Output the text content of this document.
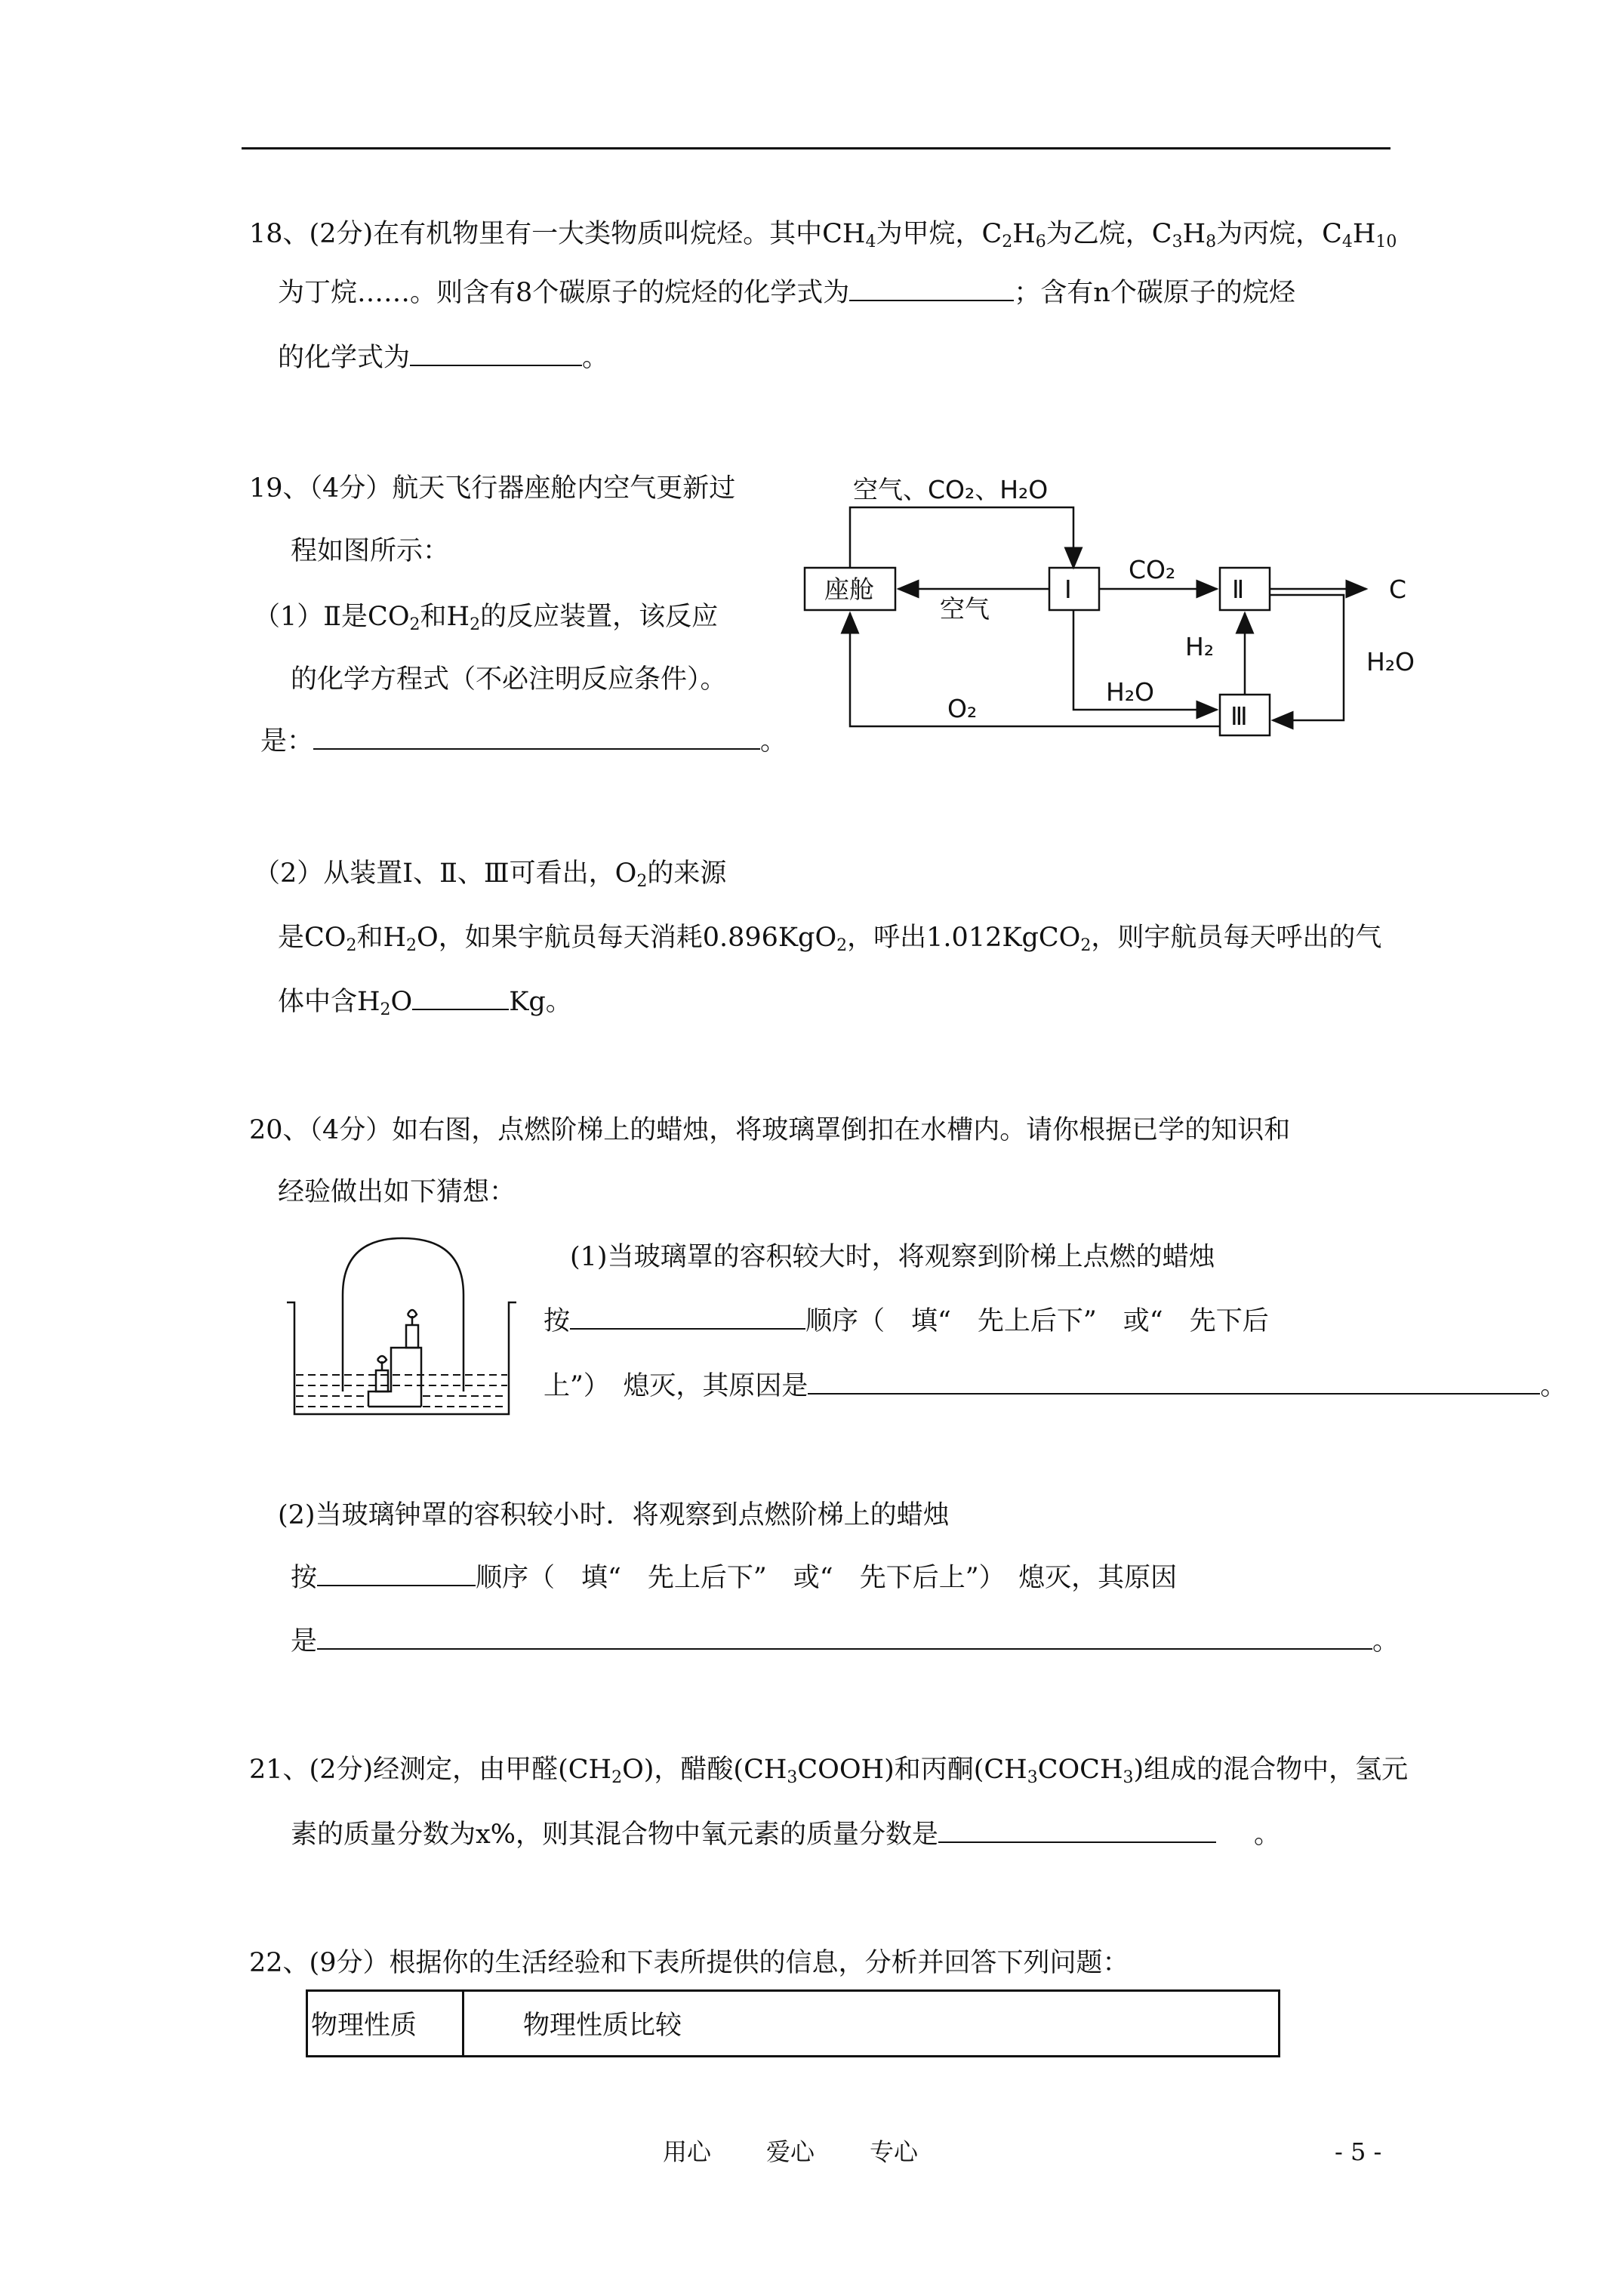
18、(2分)在有机物里有一大类物质叫烷烃。其中$CH_4$为甲烷，$C_2H_6$为乙烷，$C_3H_8$为丙烷，$C_4H_{10}$
为丁烷……。则含有8个碳原子的烷烃的化学式为	；含有n个碳原子的烷烃
的化学式为	。
19、（4分）航天飞行器座舱内空气更新过
程如图所示：
（1）Ⅱ是$CO_2$和$H_2$的反应装置，该反应
的化学方程式（不必注明反应条件）。
是：	。
空气、CO₂、H₂O
座舱
空气
Ⅰ	Ⅱ
Ⅲ
CO₂
C
H₂
H₂O
H₂O
O₂
（2）从装置Ⅰ、Ⅱ、Ⅲ可看出，$O_2$的来源
是$CO_2$和$H_2O$，如果宇航员每天消耗0.896KgO$_2$，呼出1.012KgCO$_2$，则宇航员每天呼出的气
体中含$H_2O$	Kg。
20、（4分）如右图，点燃阶梯上的蜡烛，将玻璃罩倒扣在水槽内。请你根据已学的知识和
经验做出如下猜想：
(1)当玻璃罩的容积较大时，将观察到阶梯上点燃的蜡烛
按	顺序（　填“　先上后下”　或“　先下后
上”）　熄灭，其原因是	。
(2)当玻璃钟罩的容积较小时．将观察到点燃阶梯上的蜡烛
按	顺序（　填“　先上后下”　或“　先下后上”）　熄灭，其原因
是	。
21、(2分)经测定，由甲醛$(CH_2O)$，醋酸$(CH_3COOH)$和丙酮$(CH_3COCH_3)$组成的混合物中，氢元
素的质量分数为x%，则其混合物中氧元素的质量分数是	。
22、(9分）根据你的生活经验和下表所提供的信息，分析并回答下列问题：
物理性质	物理性质比较
用心 爱心 专心	- 5 -
